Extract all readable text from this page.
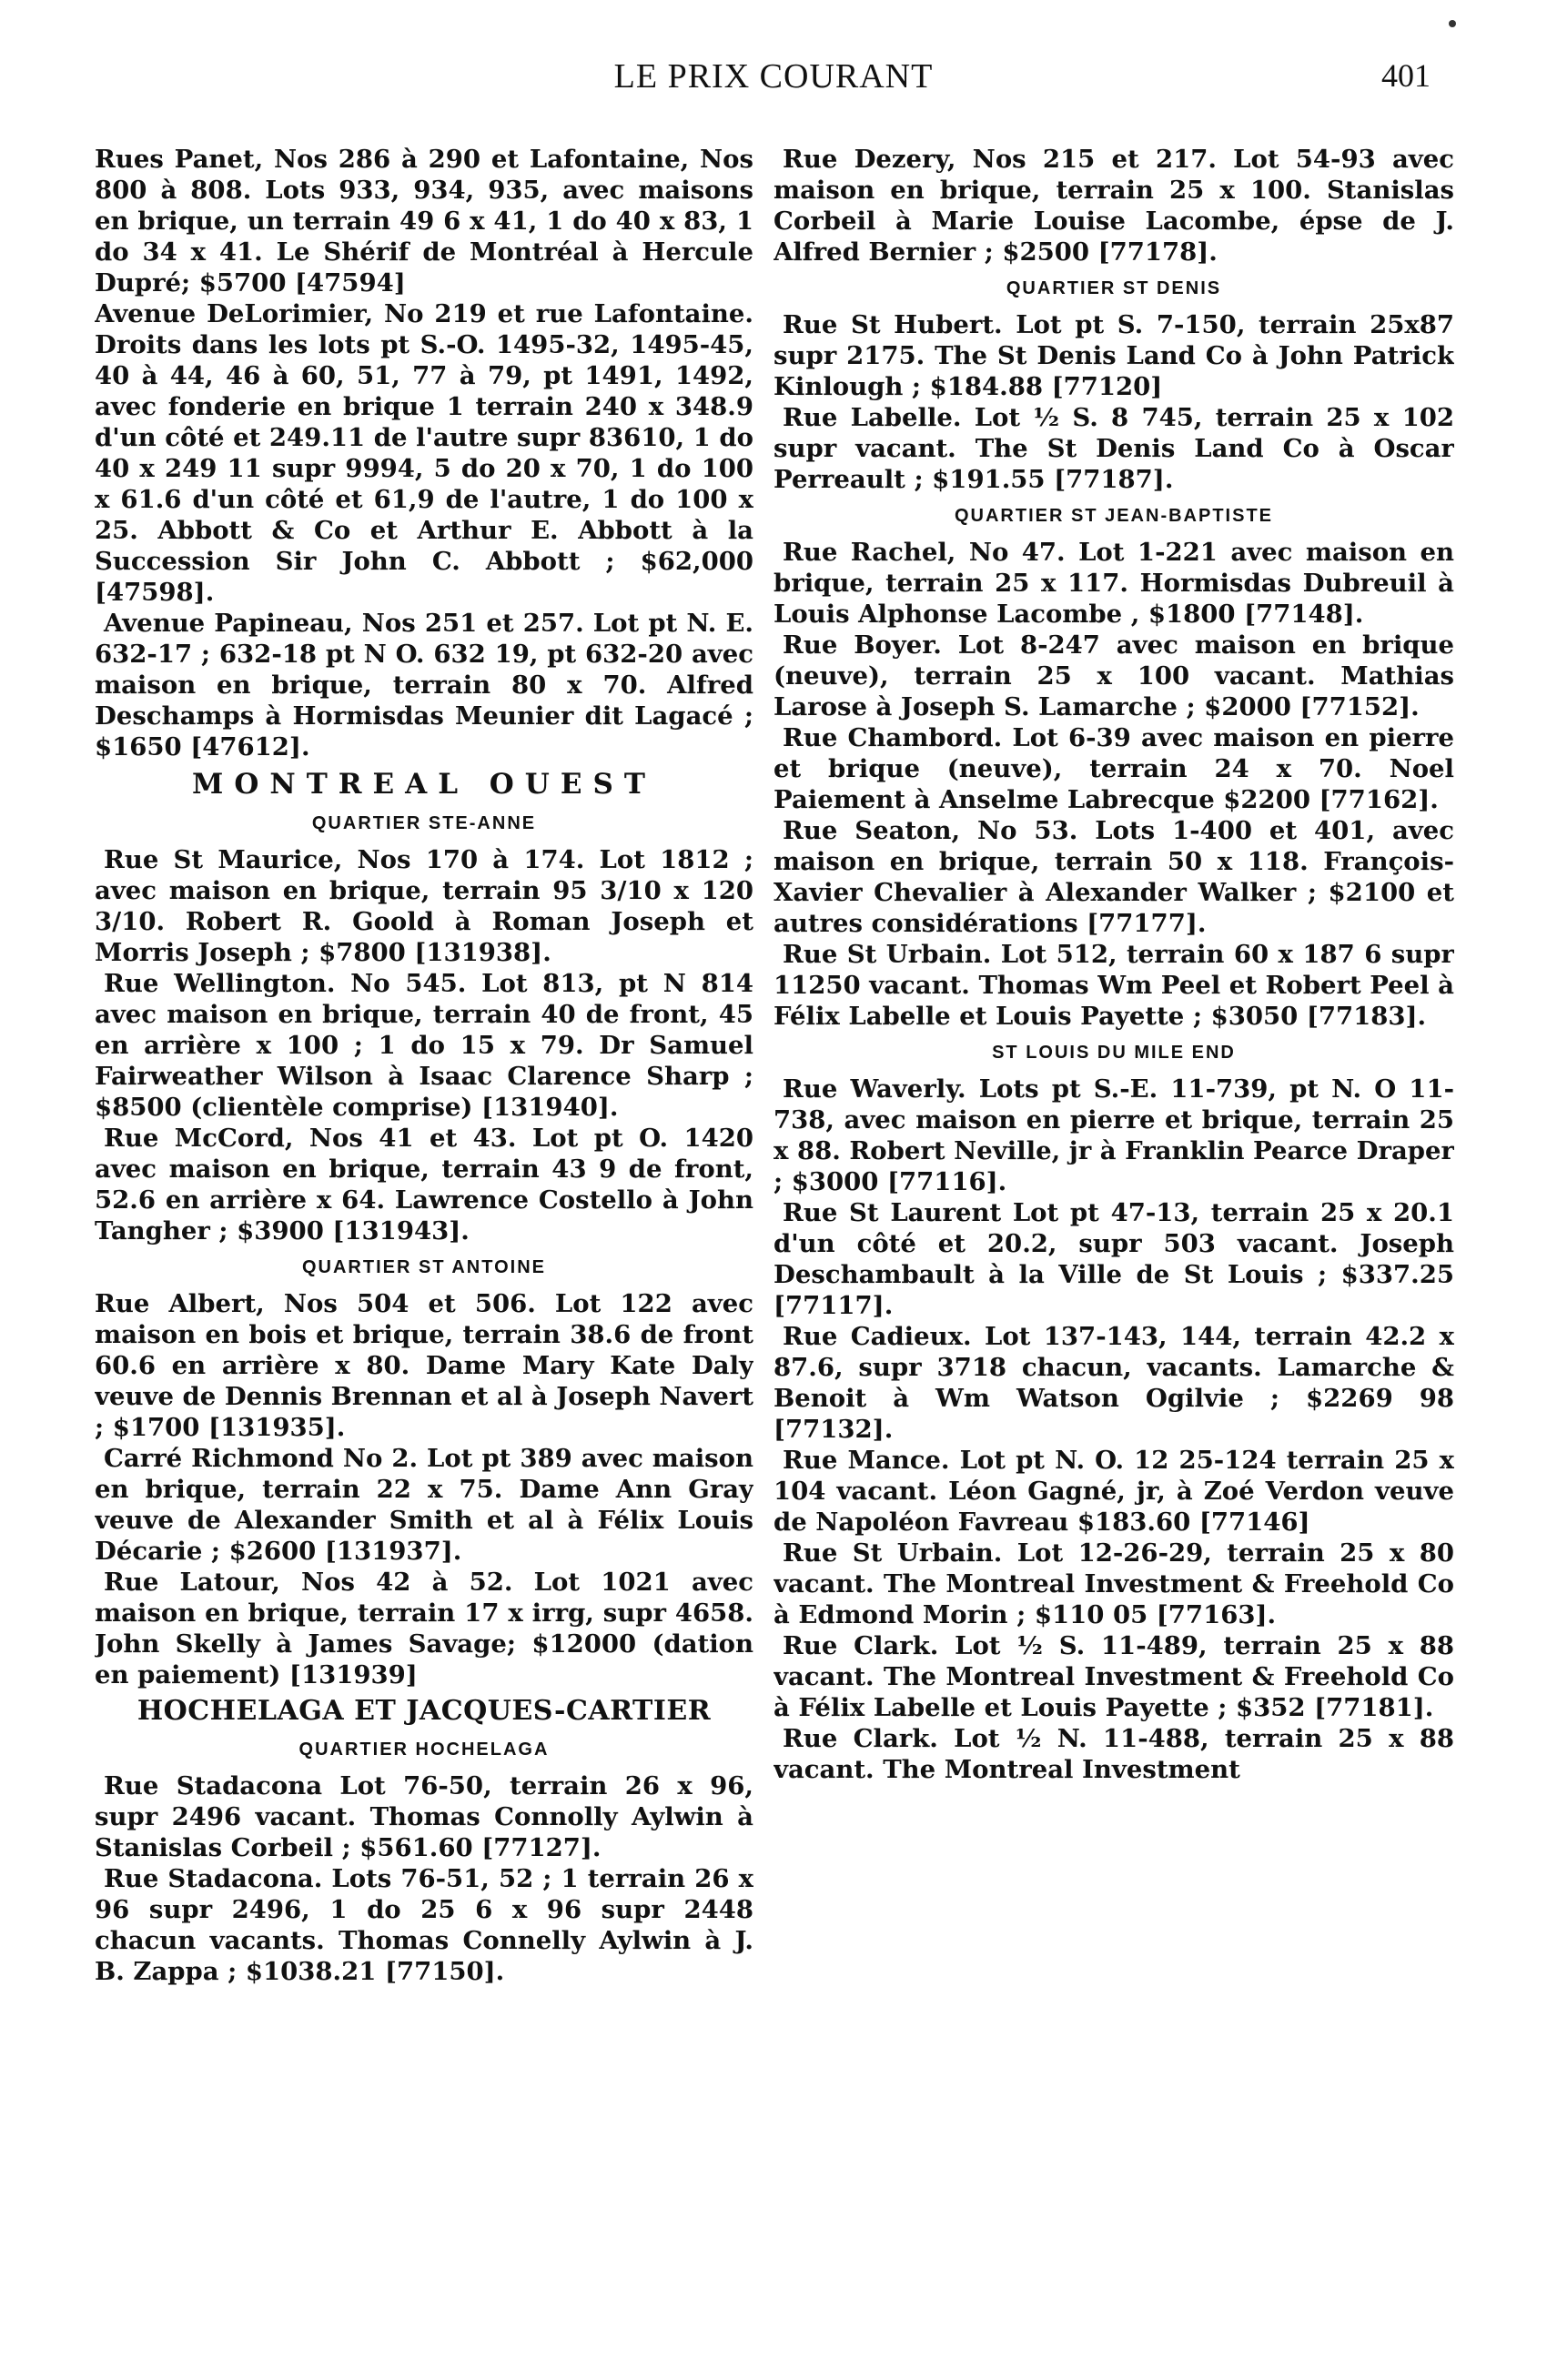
LE PRIX COURANT	401

Rues Panet, Nos 286 à 290 et Lafontaine, Nos 800 à 808. Lots 933, 934, 935, avec maisons en brique, un terrain 49 6 x 41, 1 do 40 x 83, 1 do 34 x 41. Le Shérif de Montréal à Hercule Dupré; $5700 [47594]

Avenue DeLorimier, No 219 et rue Lafontaine. Droits dans les lots pt S.-O. 1495-32, 1495-45, 40 à 44, 46 à 60, 51, 77 à 79, pt 1491, 1492, avec fonderie en brique 1 terrain 240 x 348.9 d'un côté et 249.11 de l'autre supr 83610, 1 do 40 x 249 11 supr 9994, 5 do 20 x 70, 1 do 100 x 61.6 d'un côté et 61,9 de l'autre, 1 do 100 x 25. Abbott & Co et Arthur E. Abbott à la Succession Sir John C. Abbott ; $62,000 [47598].

Avenue Papineau, Nos 251 et 257. Lot pt N. E. 632-17 ; 632-18 pt N O. 632 19, pt 632-20 avec maison en brique, terrain 80 x 70. Alfred Deschamps à Hormisdas Meunier dit Lagacé ; $1650 [47612].

MONTREAL OUEST
QUARTIER STE-ANNE

Rue St Maurice, Nos 170 à 174. Lot 1812 ; avec maison en brique, terrain 95 3/10 x 120 3/10. Robert R. Goold à Roman Joseph et Morris Joseph ; $7800 [131938].

Rue Wellington. No 545. Lot 813, pt N 814 avec maison en brique, terrain 40 de front, 45 en arrière x 100 ; 1 do 15 x 79. Dr Samuel Fairweather Wilson à Isaac Clarence Sharp ; $8500 (clientèle comprise) [131940].

Rue McCord, Nos 41 et 43. Lot pt O. 1420 avec maison en brique, terrain 43 9 de front, 52.6 en arrière x 64. Lawrence Costello à John Tangher ; $3900 [131943].

QUARTIER ST ANTOINE

Rue Albert, Nos 504 et 506. Lot 122 avec maison en bois et brique, terrain 38.6 de front 60.6 en arrière x 80. Dame Mary Kate Daly veuve de Dennis Brennan et al à Joseph Navert ; $1700 [131935].

Carré Richmond No 2. Lot pt 389 avec maison en brique, terrain 22 x 75. Dame Ann Gray veuve de Alexander Smith et al à Félix Louis Décarie ; $2600 [131937].

Rue Latour, Nos 42 à 52. Lot 1021 avec maison en brique, terrain 17 x irrg, supr 4658. John Skelly à James Savage; $12000 (dation en paiement) [131939]

HOCHELAGA ET JACQUES-CARTIER
QUARTIER HOCHELAGA

Rue Stadacona Lot 76-50, terrain 26 x 96, supr 2496 vacant. Thomas Connolly Aylwin à Stanislas Corbeil ; $561.60 [77127].

Rue Stadacona. Lots 76-51, 52 ; 1 terrain 26 x 96 supr 2496, 1 do 25 6 x 96 supr 2448 chacun vacants. Thomas Connelly Aylwin à J. B. Zappa ; $1038.21 [77150].

Rue Dezery, Nos 215 et 217. Lot 54-93 avec maison en brique, terrain 25 x 100. Stanislas Corbeil à Marie Louise Lacombe, épse de J. Alfred Bernier ; $2500 [77178].

QUARTIER ST DENIS

Rue St Hubert. Lot pt S. 7-150, terrain 25x87 supr 2175. The St Denis Land Co à John Patrick Kinlough ; $184.88 [77120]

Rue Labelle. Lot ½ S. 8 745, terrain 25 x 102 supr vacant. The St Denis Land Co à Oscar Perreault ; $191.55 [77187].

QUARTIER ST JEAN-BAPTISTE

Rue Rachel, No 47. Lot 1-221 avec maison en brique, terrain 25 x 117. Hormisdas Dubreuil à Louis Alphonse Lacombe , $1800 [77148].

Rue Boyer. Lot 8-247 avec maison en brique (neuve), terrain 25 x 100 vacant. Mathias Larose à Joseph S. Lamarche ; $2000 [77152].

Rue Chambord. Lot 6-39 avec maison en pierre et brique (neuve), terrain 24 x 70. Noel Paiement à Anselme Labrecque $2200 [77162].

Rue Seaton, No 53. Lots 1-400 et 401, avec maison en brique, terrain 50 x 118. François-Xavier Chevalier à Alexander Walker ; $2100 et autres considérations [77177].

Rue St Urbain. Lot 512, terrain 60 x 187 6 supr 11250 vacant. Thomas Wm Peel et Robert Peel à Félix Labelle et Louis Payette ; $3050 [77183].

ST LOUIS DU MILE END

Rue Waverly. Lots pt S.-E. 11-739, pt N. O 11-738, avec maison en pierre et brique, terrain 25 x 88. Robert Neville, jr à Franklin Pearce Draper ; $3000 [77116].

Rue St Laurent Lot pt 47-13, terrain 25 x 20.1 d'un côté et 20.2, supr 503 vacant. Joseph Deschambault à la Ville de St Louis ; $337.25 [77117].

Rue Cadieux. Lot 137-143, 144, terrain 42.2 x 87.6, supr 3718 chacun, vacants. Lamarche & Benoit à Wm Watson Ogilvie ; $2269 98 [77132].

Rue Mance. Lot pt N. O. 12 25-124 terrain 25 x 104 vacant. Léon Gagné, jr, à Zoé Verdon veuve de Napoléon Favreau $183.60 [77146]

Rue St Urbain. Lot 12-26-29, terrain 25 x 80 vacant. The Montreal Investment & Freehold Co à Edmond Morin ; $110 05 [77163].

Rue Clark. Lot ½ S. 11-489, terrain 25 x 88 vacant. The Montreal Investment & Freehold Co à Félix Labelle et Louis Payette ; $352 [77181].

Rue Clark. Lot ½ N. 11-488, terrain 25 x 88 vacant. The Montreal Investment
